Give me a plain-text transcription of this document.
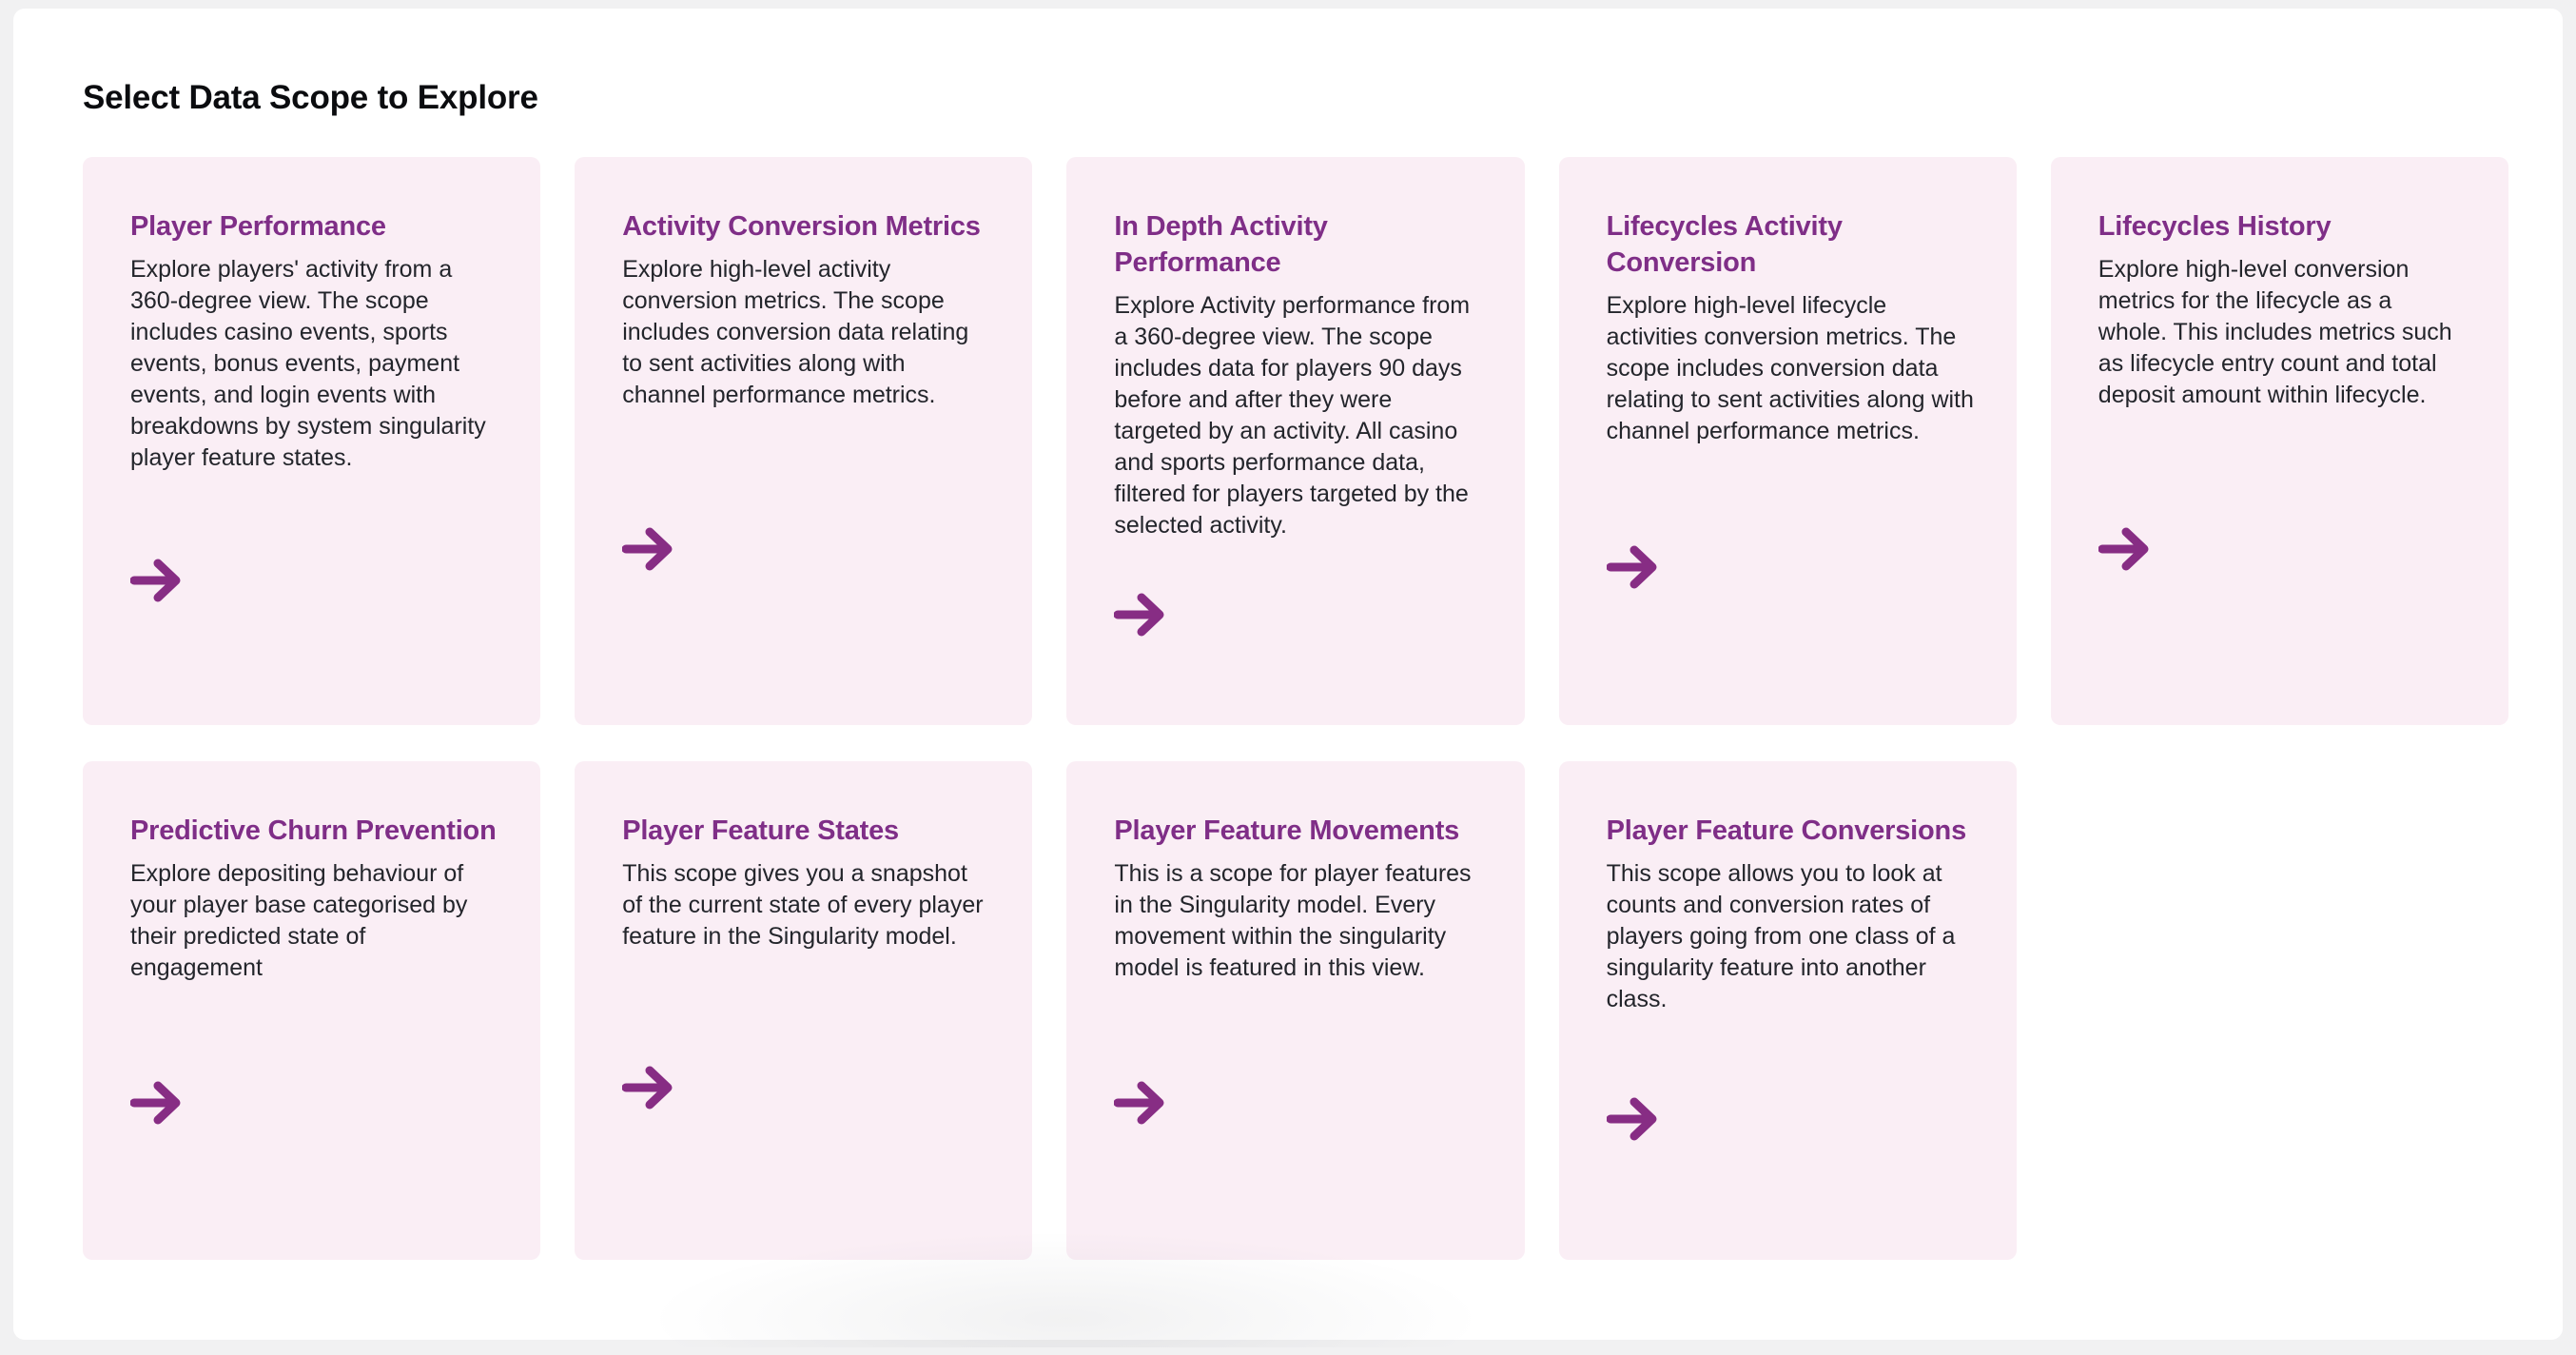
Select Data Scope to Explore
Player Performance

Explore players' activity from a 360-degree view. The scope includes casino events, sports events, bonus events, payment events, and login events with breakdowns by system singularity player feature states.

Activity Conversion Metrics

Explore high-level activity conversion metrics. The scope includes conversion data relating to sent activities along with channel performance metrics.

In Depth Activity Performance

Explore Activity performance from a 360-degree view. The scope includes data for players 90 days before and after they were targeted by an activity. All casino and sports performance data, filtered for players targeted by the selected activity.

Lifecycles Activity Conversion

Explore high-level lifecycle activities conversion metrics. The scope includes conversion data relating to sent activities along with channel performance metrics.

Lifecycles History

Explore high-level conversion metrics for the lifecycle as a whole. This includes metrics such as lifecycle entry count and total deposit amount within lifecycle.

Predictive Churn Prevention

Explore depositing behaviour of your player base categorised by their predicted state of engagement

Player Feature States

This scope gives you a snapshot of the current state of every player feature in the Singularity model.

Player Feature Movements

This is a scope for player features in the Singularity model. Every movement within the singularity model is featured in this view.

Player Feature Conversions

This scope allows you to look at counts and conversion rates of players going from one class of a singularity feature into another class.
